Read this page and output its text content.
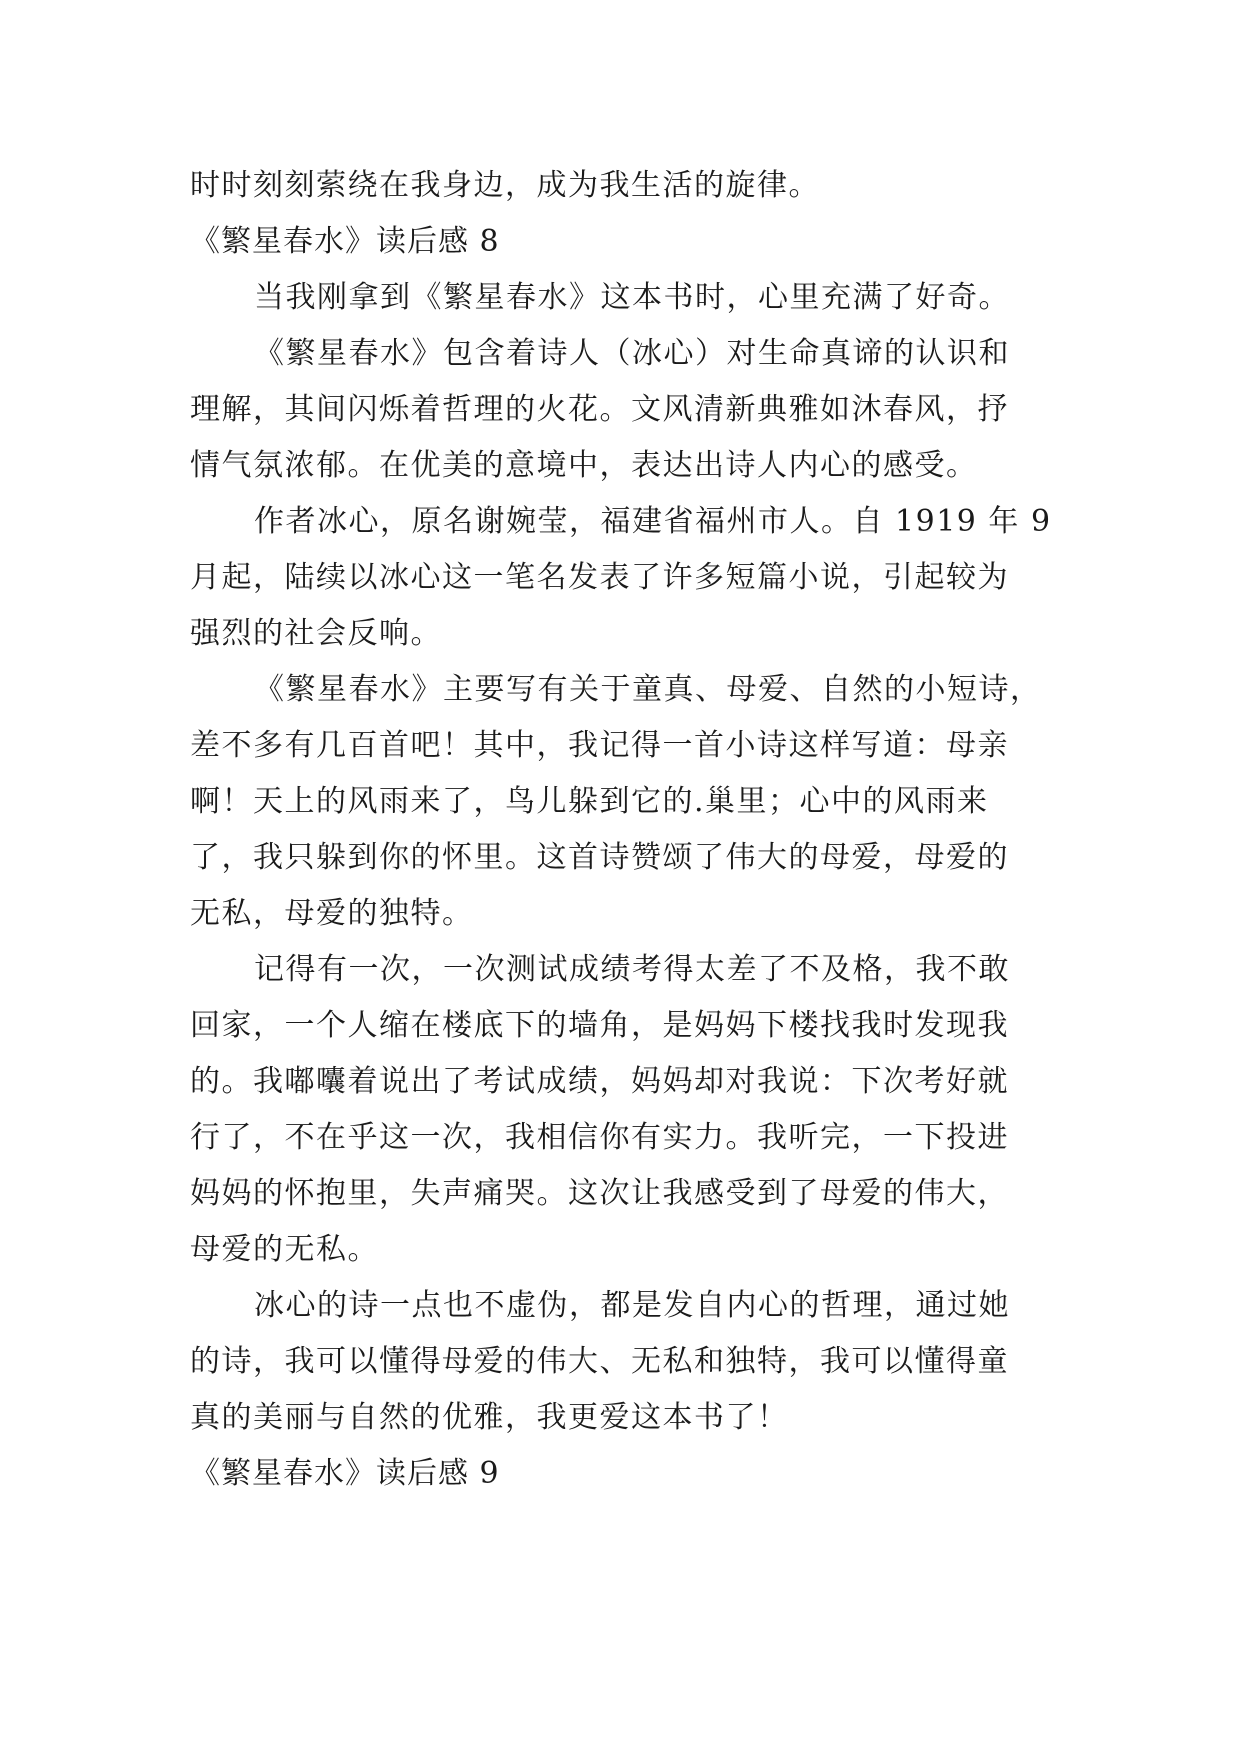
时时刻刻萦绕在我身边，成为我生活的旋律。
《繁星春水》读后感 8
当我刚拿到《繁星春水》这本书时，心里充满了好奇。
《繁星春水》包含着诗人（冰心）对生命真谛的认识和
理解，其间闪烁着哲理的火花。文风清新典雅如沐春风，抒
情气氛浓郁。在优美的意境中，表达出诗人内心的感受。
作者冰心，原名谢婉莹，福建省福州市人。自 1919 年 9
月起，陆续以冰心这一笔名发表了许多短篇小说，引起较为
强烈的社会反响。
《繁星春水》主要写有关于童真、母爱、自然的小短诗，
差不多有几百首吧！其中，我记得一首小诗这样写道：母亲
啊！天上的风雨来了，鸟儿躲到它的.巢里；心中的风雨来
了，我只躲到你的怀里。这首诗赞颂了伟大的母爱，母爱的
无私，母爱的独特。
记得有一次，一次测试成绩考得太差了不及格，我不敢
回家，一个人缩在楼底下的墙角，是妈妈下楼找我时发现我
的。我嘟囔着说出了考试成绩，妈妈却对我说：下次考好就
行了，不在乎这一次，我相信你有实力。我听完，一下投进
妈妈的怀抱里，失声痛哭。这次让我感受到了母爱的伟大，
母爱的无私。
冰心的诗一点也不虚伪，都是发自内心的哲理，通过她
的诗，我可以懂得母爱的伟大、无私和独特，我可以懂得童
真的美丽与自然的优雅，我更爱这本书了！
《繁星春水》读后感 9
